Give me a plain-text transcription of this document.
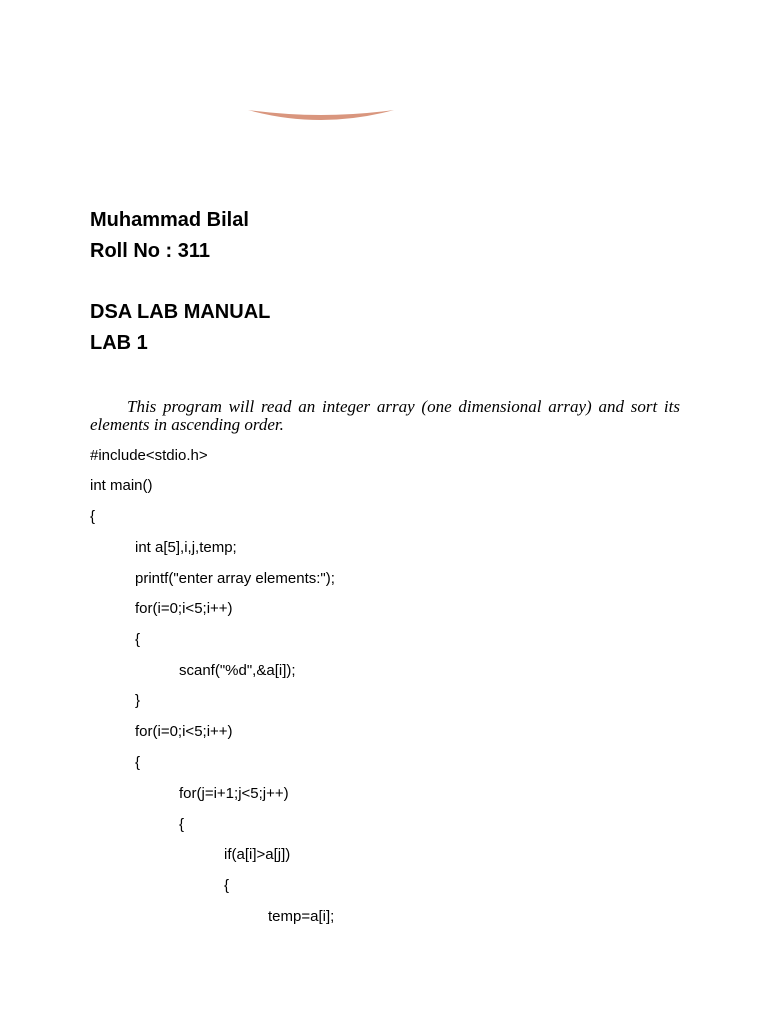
Muhammad Bilal
Roll No : 311
DSA LAB MANUAL
LAB 1
This program will read an integer array (one dimensional array) and sort its elements in ascending order.
#include<stdio.h>
int main()
{
int a[5],i,j,temp;
printf("enter array elements:");
for(i=0;i<5;i++)
{
scanf("%d",&a[i]);
}
for(i=0;i<5;i++)
{
for(j=i+1;j<5;j++)
{
if(a[i]>a[j])
{
temp=a[i];
